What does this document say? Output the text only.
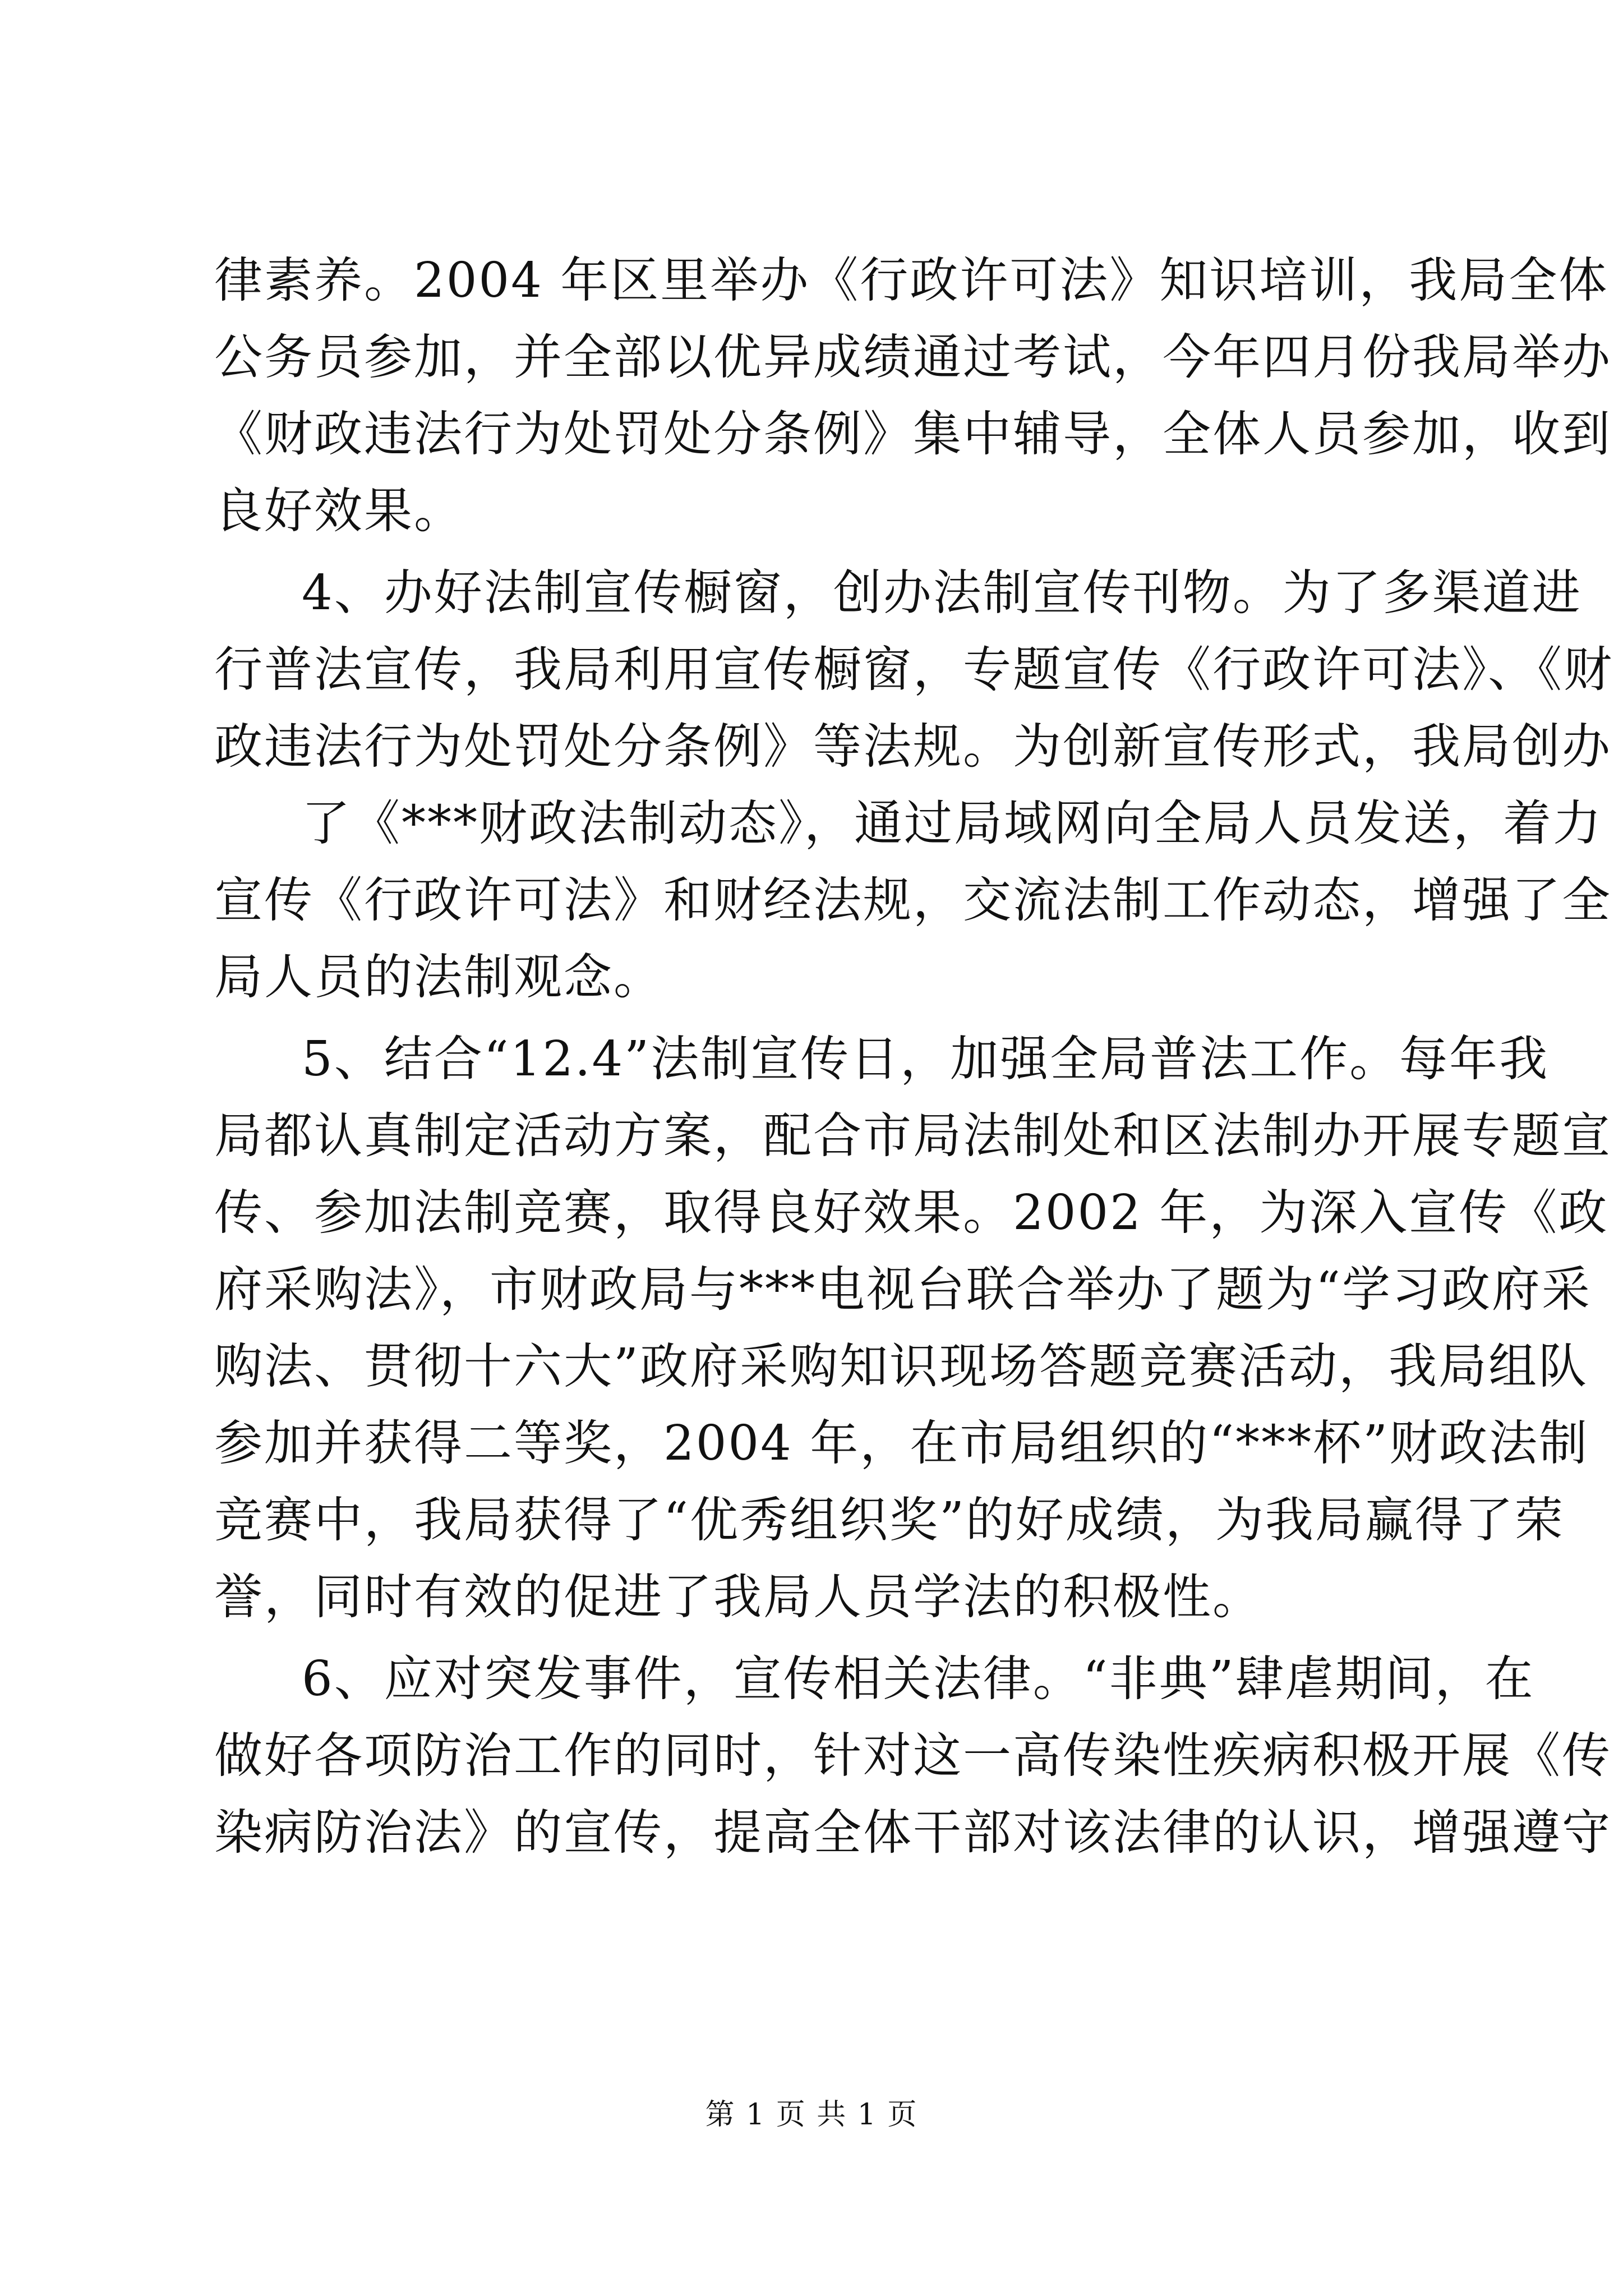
律素养。2004 年区里举办《行政许可法》知识培训，我局全体
公务员参加，并全部以优异成绩通过考试，今年四月份我局举办
《财政违法行为处罚处分条例》集中辅导，全体人员参加，收到
良好效果。
4、办好法制宣传橱窗，创办法制宣传刊物。为了多渠道进
行普法宣传，我局利用宣传橱窗，专题宣传《行政许可法》、《财
政违法行为处罚处分条例》等法规。为创新宣传形式，我局创办
了《***财政法制动态》，通过局域网向全局人员发送，着力
宣传《行政许可法》和财经法规，交流法制工作动态，增强了全
局人员的法制观念。
5、结合“12.4”法制宣传日，加强全局普法工作。每年我
局都认真制定活动方案，配合市局法制处和区法制办开展专题宣
传、参加法制竞赛，取得良好效果。2002 年，为深入宣传《政
府采购法》，市财政局与***电视台联合举办了题为“学习政府采
购法、贯彻十六大”政府采购知识现场答题竞赛活动，我局组队
参加并获得二等奖，2004 年，在市局组织的“***杯”财政法制
竞赛中，我局获得了“优秀组织奖”的好成绩，为我局赢得了荣
誉，同时有效的促进了我局人员学法的积极性。
6、应对突发事件，宣传相关法律。“非典”肆虐期间，在
做好各项防治工作的同时，针对这一高传染性疾病积极开展《传
染病防治法》的宣传，提高全体干部对该法律的认识，增强遵守
第 1 页 共 1 页
